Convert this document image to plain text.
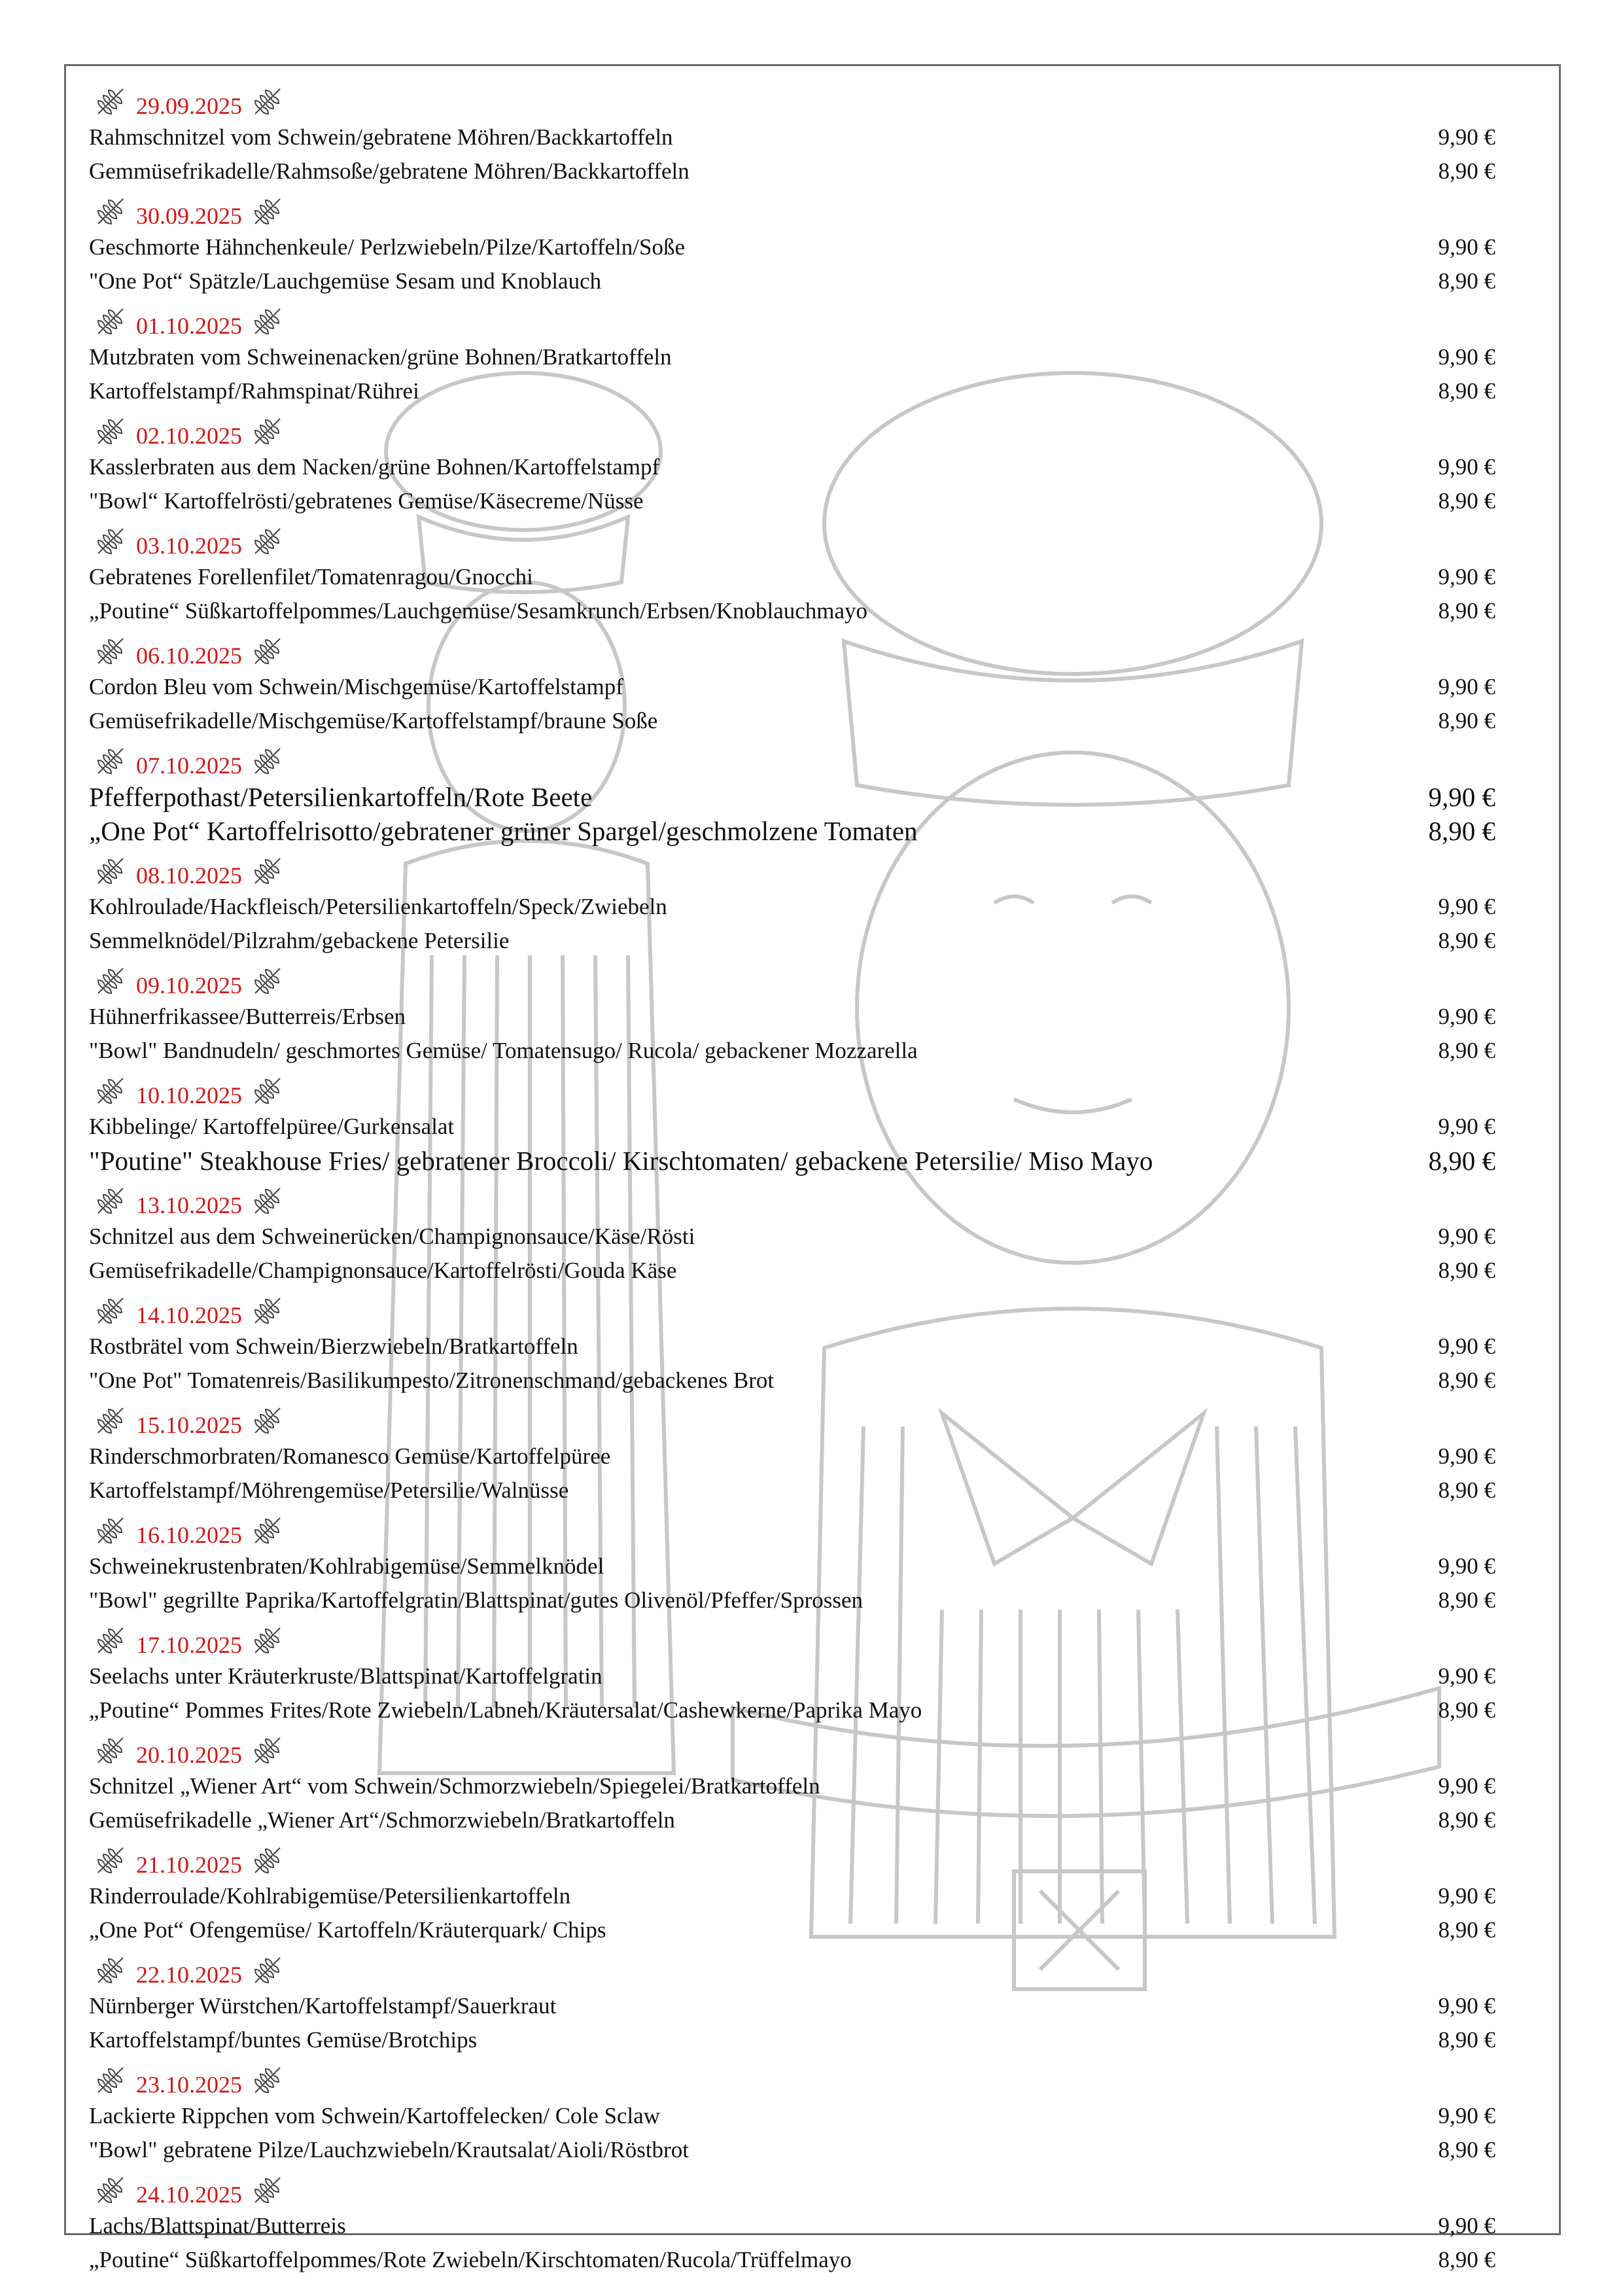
29.09.2025
Rahmschnitzel vom Schwein/gebratene Möhren/Backkartoffeln	9,90 €
Gemmüsefrikadelle/Rahmsoße/gebratene Möhren/Backkartoffeln	8,90 €
30.09.2025
Geschmorte Hähnchenkeule/ Perlzwiebeln/Pilze/Kartoffeln/Soße	9,90 €
"One Pot“ Spätzle/Lauchgemüse Sesam und Knoblauch	8,90 €
01.10.2025
Mutzbraten vom Schweinenacken/grüne Bohnen/Bratkartoffeln	9,90 €
Kartoffelstampf/Rahmspinat/Rührei	8,90 €
02.10.2025
Kasslerbraten aus dem Nacken/grüne Bohnen/Kartoffelstampf	9,90 €
"Bowl“ Kartoffelrösti/gebratenes Gemüse/Käsecreme/Nüsse	8,90 €
03.10.2025
Gebratenes Forellenfilet/Tomatenragou/Gnocchi	9,90 €
„Poutine“ Süßkartoffelpommes/Lauchgemüse/Sesamkrunch/Erbsen/Knoblauchmayo	8,90 €
06.10.2025
Cordon Bleu vom Schwein/Mischgemüse/Kartoffelstampf	9,90 €
Gemüsefrikadelle/Mischgemüse/Kartoffelstampf/braune Soße	8,90 €
07.10.2025
Pfefferpothast/Petersilienkartoffeln/Rote Beete	9,90 €
„One Pot“ Kartoffelrisotto/gebratener grüner Spargel/geschmolzene Tomaten	8,90 €
08.10.2025
Kohlroulade/Hackfleisch/Petersilienkartoffeln/Speck/Zwiebeln	9,90 €
Semmelknödel/Pilzrahm/gebackene Petersilie	8,90 €
09.10.2025
Hühnerfrikassee/Butterreis/Erbsen	9,90 €
"Bowl" Bandnudeln/ geschmortes Gemüse/ Tomatensugo/ Rucola/ gebackener Mozzarella	8,90 €
10.10.2025
Kibbelinge/ Kartoffelpüree/Gurkensalat	9,90 €
"Poutine" Steakhouse Fries/ gebratener Broccoli/ Kirschtomaten/ gebackene Petersilie/ Miso Mayo	8,90 €
13.10.2025
Schnitzel aus dem Schweinerücken/Champignonsauce/Käse/Rösti	9,90 €
Gemüsefrikadelle/Champignonsauce/Kartoffelrösti/Gouda Käse	8,90 €
14.10.2025
Rostbrätel vom Schwein/Bierzwiebeln/Bratkartoffeln	9,90 €
"One Pot" Tomatenreis/Basilikumpesto/Zitronenschmand/gebackenes Brot	8,90 €
15.10.2025
Rinderschmorbraten/Romanesco Gemüse/Kartoffelpüree	9,90 €
Kartoffelstampf/Möhrengemüse/Petersilie/Walnüsse	8,90 €
16.10.2025
Schweinekrustenbraten/Kohlrabigemüse/Semmelknödel	9,90 €
"Bowl" gegrillte Paprika/Kartoffelgratin/Blattspinat/gutes Olivenöl/Pfeffer/Sprossen	8,90 €
17.10.2025
Seelachs unter Kräuterkruste/Blattspinat/Kartoffelgratin	9,90 €
„Poutine“ Pommes Frites/Rote Zwiebeln/Labneh/Kräutersalat/Cashewkerne/Paprika Mayo	8,90 €
20.10.2025
Schnitzel „Wiener Art“ vom Schwein/Schmorzwiebeln/Spiegelei/Bratkartoffeln	9,90 €
Gemüsefrikadelle „Wiener Art“/Schmorzwiebeln/Bratkartoffeln	8,90 €
21.10.2025
Rinderroulade/Kohlrabigemüse/Petersilienkartoffeln	9,90 €
„One Pot“ Ofengemüse/ Kartoffeln/Kräuterquark/ Chips	8,90 €
22.10.2025
Nürnberger Würstchen/Kartoffelstampf/Sauerkraut	9,90 €
Kartoffelstampf/buntes Gemüse/Brotchips	8,90 €
23.10.2025
Lackierte Rippchen vom Schwein/Kartoffelecken/ Cole Sclaw	9,90 €
"Bowl" gebratene Pilze/Lauchzwiebeln/Krautsalat/Aioli/Röstbrot	8,90 €
24.10.2025
Lachs/Blattspinat/Butterreis	9,90 €
„Poutine“ Süßkartoffelpommes/Rote Zwiebeln/Kirschtomaten/Rucola/Trüffelmayo	8,90 €
